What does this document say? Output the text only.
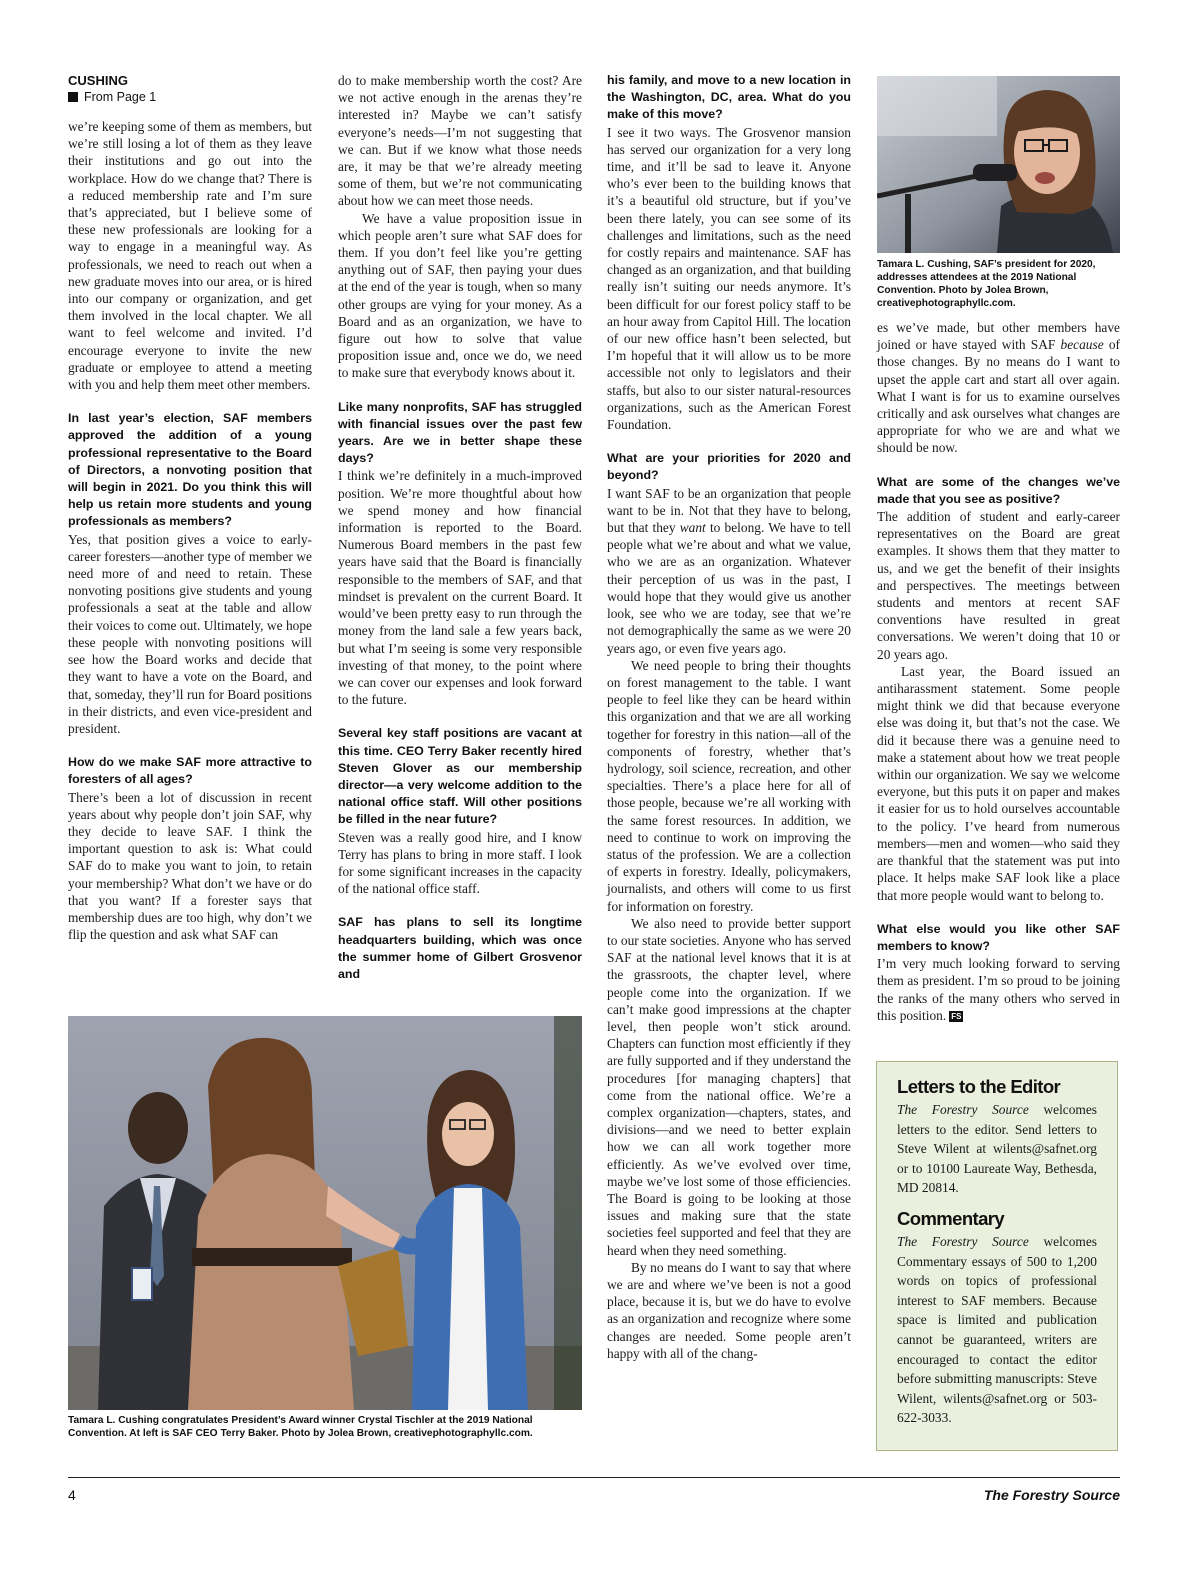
CUSHING
From Page 1

we’re keeping some of them as members, but we’re still losing a lot of them as they leave their institutions and go out into the workplace. How do we change that? There is a reduced membership rate and I’m sure that’s appreciated, but I believe some of these new professionals are looking for a way to engage in a meaningful way. As professionals, we need to reach out when a new graduate moves into our area, or is hired into our company or organization, and get them involved in the local chapter. We all want to feel welcome and invited. I’d encourage everyone to invite the new graduate or employee to attend a meeting with you and help them meet other members.

In last year’s election, SAF members approved the addition of a young professional representative to the Board of Directors, a nonvoting position that will begin in 2021. Do you think this will help us retain more students and young professionals as members?

Yes, that position gives a voice to early-career foresters—another type of member we need more of and need to retain. These nonvoting positions give students and young professionals a seat at the table and allow their voices to come out. Ultimately, we hope these people with nonvoting positions will see how the Board works and decide that they want to have a vote on the Board, and that, someday, they’ll run for Board positions in their districts, and even vice-president and president.

How do we make SAF more attractive to foresters of all ages?

There’s been a lot of discussion in recent years about why people don’t join SAF, why they decide to leave SAF. I think the important question to ask is: What could SAF do to make you want to join, to retain your membership? What don’t we have or do that you want? If a forester says that membership dues are too high, why don’t we flip the question and ask what SAF can

do to make membership worth the cost? Are we not active enough in the arenas they’re interested in? Maybe we can’t satisfy everyone’s needs—I’m not suggesting that we can. But if we know what those needs are, it may be that we’re already meeting some of them, but we’re not communicating about how we can meet those needs.

We have a value proposition issue in which people aren’t sure what SAF does for them. If you don’t feel like you’re getting anything out of SAF, then paying your dues at the end of the year is tough, when so many other groups are vying for your money. As a Board and as an organization, we have to figure out how to solve that value proposition issue and, once we do, we need to make sure that everybody knows about it.

Like many nonprofits, SAF has struggled with financial issues over the past few years. Are we in better shape these days?

I think we’re definitely in a much-improved position. We’re more thoughtful about how we spend money and how financial information is reported to the Board. Numerous Board members in the past few years have said that the Board is financially responsible to the members of SAF, and that mindset is prevalent on the current Board. It would’ve been pretty easy to run through the money from the land sale a few years back, but what I’m seeing is some very responsible investing of that money, to the point where we can cover our expenses and look forward to the future.

Several key staff positions are vacant at this time. CEO Terry Baker recently hired Steven Glover as our membership director—a very welcome addition to the national office staff. Will other positions be filled in the near future?

Steven was a really good hire, and I know Terry has plans to bring in more staff. I look for some significant increases in the capacity of the national office staff.

SAF has plans to sell its longtime headquarters building, which was once the summer home of Gilbert Grosvenor and

his family, and move to a new location in the Washington, DC, area. What do you make of this move?

I see it two ways. The Grosvenor mansion has served our organization for a very long time, and it’ll be sad to leave it. Anyone who’s ever been to the building knows that it’s a beautiful old structure, but if you’ve been there lately, you can see some of its challenges and limitations, such as the need for costly repairs and maintenance. SAF has changed as an organization, and that building really isn’t suiting our needs anymore. It’s been difficult for our forest policy staff to be an hour away from Capitol Hill. The location of our new office hasn’t been selected, but I’m hopeful that it will allow us to be more accessible not only to legislators and their staffs, but also to our sister natural-resources organizations, such as the American Forest Foundation.

What are your priorities for 2020 and beyond?

I want SAF to be an organization that people want to be in. Not that they have to belong, but that they want to belong. We have to tell people what we’re about and what we value, who we are as an organization. Whatever their perception of us was in the past, I would hope that they would give us another look, see who we are today, see that we’re not demographically the same as we were 20 years ago, or even five years ago.

We need people to bring their thoughts on forest management to the table. I want people to feel like they can be heard within this organization and that we are all working together for forestry in this nation—all of the components of forestry, whether that’s hydrology, soil science, recreation, and other specialties. There’s a place here for all of those people, because we’re all working with the same forest resources. In addition, we need to continue to work on improving the status of the profession. We are a collection of experts in forestry. Ideally, policymakers, journalists, and others will come to us first for information on forestry.

We also need to provide better support to our state societies. Anyone who has served SAF at the national level knows that it is at the grassroots, the chapter level, where people come into the organization. If we can’t make good impressions at the chapter level, then people won’t stick around. Chapters can function most efficiently if they are fully supported and if they understand the procedures [for managing chapters] that come from the national office. We’re a complex organization—chapters, states, and divisions—and we need to better explain how we can all work together more efficiently. As we’ve evolved over time, maybe we’ve lost some of those efficiencies. The Board is going to be looking at those issues and making sure that the state societies feel supported and feel that they are heard when they need something.

By no means do I want to say that where we are and where we’ve been is not a good place, because it is, but we do have to evolve as an organization and recognize where some changes are needed. Some people aren’t happy with all of the chang-

Tamara L. Cushing, SAF’s president for 2020, addresses attendees at the 2019 National Convention. Photo by Jolea Brown, creativephotographyllc.com.

es we’ve made, but other members have joined or have stayed with SAF because of those changes. By no means do I want to upset the apple cart and start all over again. What I want is for us to examine ourselves critically and ask ourselves what changes are appropriate for who we are and what we should be now.

What are some of the changes we’ve made that you see as positive?

The addition of student and early-career representatives on the Board are great examples. It shows them that they matter to us, and we get the benefit of their insights and perspectives. The meetings between students and mentors at recent SAF conventions have resulted in great conversations. We weren’t doing that 10 or 20 years ago.

Last year, the Board issued an antiharassment statement. Some people might think we did that because everyone else was doing it, but that’s not the case. We did it because there was a genuine need to make a statement about how we treat people within our organization. We say we welcome everyone, but this puts it on paper and makes it easier for us to hold ourselves accountable to the policy. I’ve heard from numerous members—men and women—who said they are thankful that the statement was put into place. It helps make SAF look like a place that more people would want to belong to.

What else would you like other SAF members to know?

I’m very much looking forward to serving them as president. I’m so proud to be joining the ranks of the many others who served in this position. FS

Tamara L. Cushing congratulates President’s Award winner Crystal Tischler at the 2019 National Convention. At left is SAF CEO Terry Baker. Photo by Jolea Brown, creativephotographyllc.com.
Letters to the Editor

The Forestry Source welcomes letters to the editor. Send letters to Steve Wilent at wilents@safnet.org or to 10100 Laureate Way, Bethesda, MD 20814.

Commentary

The Forestry Source welcomes Commentary essays of 500 to 1,200 words on topics of professional interest to SAF members. Because space is limited and publication cannot be guaranteed, writers are encouraged to contact the editor before submitting manuscripts: Steve Wilent, wilents@safnet.org or 503-622-3033.

4	The Forestry Source
